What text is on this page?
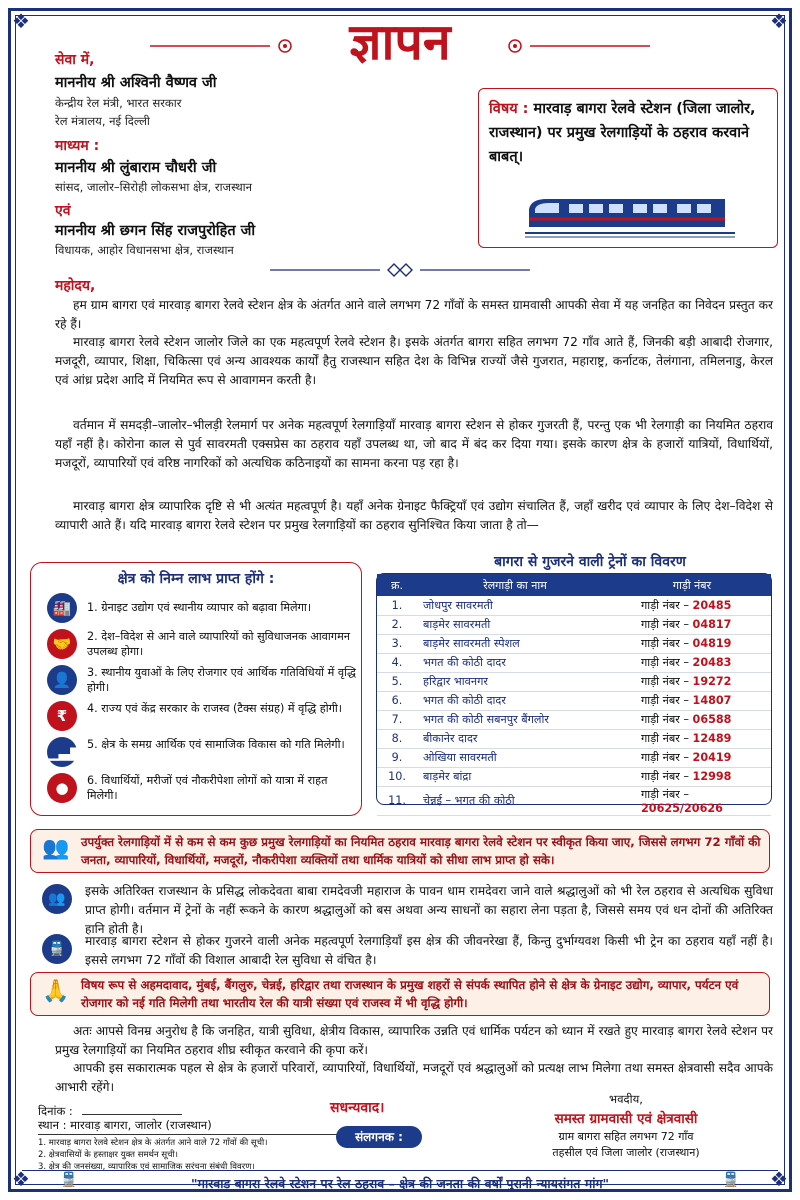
❖	❖
❖	❖
ज्ञापन
सेवा में,
माननीय श्री अश्विनी वैष्णव जी
केन्द्रीय रेल मंत्री, भारत सरकार
रेल मंत्रालय, नई दिल्ली
माध्यम :
माननीय श्री लुंबाराम चौधरी जी
सांसद, जालोर–सिरोही लोकसभा क्षेत्र, राजस्थान
एवं
माननीय श्री छगन सिंह राजपुरोहित जी
विधायक, आहोर विधानसभा क्षेत्र, राजस्थान
विषय : मारवाड़ बागरा रेलवे स्टेशन (जिला जालोर, राजस्थान) पर प्रमुख रेलगाड़ियों के ठहराव करवाने बाबत्।
महोदय,
हम ग्राम बागरा एवं मारवाड़ बागरा रेलवे स्टेशन क्षेत्र के अंतर्गत आने वाले लगभग 72 गाँवों के समस्त ग्रामवासी आपकी सेवा में यह जनहित का निवेदन प्रस्तुत कर रहे हैं।
मारवाड़ बागरा रेलवे स्टेशन जालोर जिले का एक महत्वपूर्ण रेलवे स्टेशन है। इसके अंतर्गत बागरा सहित लगभग 72 गाँव आते हैं, जिनकी बड़ी आबादी रोजगार, मजदूरी, व्यापार, शिक्षा, चिकित्सा एवं अन्य आवश्यक कार्यों हैतु राजस्थान सहित देश के विभिन्न राज्यों जैसे गुजरात, महाराष्ट्र, कर्नाटक, तेलंगाना, तमिलनाडु, केरल एवं आंध्र प्रदेश आदि में नियमित रूप से आवागमन करती है।
वर्तमान में समदड़ी–जालोर–भीलड़ी रेलमार्ग पर अनेक महत्वपूर्ण रेलगाड़ियाँ मारवाड़ बागरा स्टेशन से होकर गुजरती हैं, परन्तु एक भी रेलगाड़ी का नियमित ठहराव यहाँ नहीं है। कोरोना काल से पुर्व सावरमती एक्सप्रेस का ठहराव यहाँ उपलब्ध था, जो बाद में बंद कर दिया गया। इसके कारण क्षेत्र के हजारों यात्रियों, विधार्थियों, मजदूरों, व्यापारियों एवं वरिष्ठ नागरिकों को अत्यधिक कठिनाइयों का सामना करना पड़ रहा है।
मारवाड़ बागरा क्षेत्र व्यापारिक दृष्टि से भी अत्यंत महत्वपूर्ण है। यहाँ अनेक ग्रेनाइट फैक्ट्रियाँ एवं उद्योग संचालित हैं, जहाँ खरीद एवं व्यापार के लिए देश–विदेश से व्यापारी आते हैं। यदि मारवाड़ बागरा रेलवे स्टेशन पर प्रमुख रेलगाड़ियों का ठहराव सुनिश्चित किया जाता है तो—
क्षेत्र को निम्न लाभ प्राप्त होंगे :
🏭	1. ग्रेनाइट उद्योग एवं स्थानीय व्यापार को बढ़ावा मिलेगा।
🤝	2. देश–विदेश से आने वाले व्यापारियों को सुविधाजनक आवागमन उपलब्ध होगा।
👤	3. स्थानीय युवाओं के लिए रोजगार एवं आर्थिक गतिविधियों में वृद्धि होगी।
₹	4. राज्य एवं केंद्र सरकार के राजस्व (टैक्स संग्रह) में वृद्धि होगी।
▁▃▆ 5. क्षेत्र के समग्र आर्थिक एवं सामाजिक विकास को गति मिलेगी।
●	6. विधार्थियों, मरीजों एवं नौकरीपेशा लोगों को यात्रा में राहत मिलेगी।
बागरा से गुजरने वाली ट्रेनों का विवरण
क्र.	रेलगाड़ी का नाम	गाड़ी नंबर
1.	जोधपुर सावरमती	गाड़ी नंबर – 20485
2.	बाड़मेर सावरमती	गाड़ी नंबर – 04817
3.	बाड़मेर सावरमती स्पेशल	गाड़ी नंबर – 04819
4.	भगत की कोठी दादर	गाड़ी नंबर – 20483
5.	हरिद्वार भावनगर	गाड़ी नंबर – 19272
6.	भगत की कोठी दादर	गाड़ी नंबर – 14807
7.	भगत की कोठी सबनपुर बैंगलोर	गाड़ी नंबर – 06588
8.	बीकानेर दादर	गाड़ी नंबर – 12489
9.	ओखिया सावरमती	गाड़ी नंबर – 20419
10.	बाड़मेर बांद्रा	गाड़ी नंबर – 12998
11.	चेन्नई – भगत की कोठी	गाड़ी नंबर – 20625/20626
👥 उपर्युक्त रेलगाड़ियों में से कम से कम कुछ प्रमुख रेलगाड़ियों का नियमित ठहराव मारवाड़ बागरा रेलवे स्टेशन पर स्वीकृत किया जाए, जिससे लगभग 72 गाँवों की जनता, व्यापारियों, विधार्थियों, मजदूरों, नौकरीपेशा व्यक्तियों तथा धार्मिक यात्रियों को सीधा लाभ प्राप्त हो सके।
👥	इसके अतिरिक्त राजस्थान के प्रसिद्ध लोकदेवता बाबा रामदेवजी महाराज के पावन धाम रामदेवरा जाने वाले श्रद्धालुओं को भी रेल ठहराव से अत्यधिक सुविधा प्राप्त होगी। वर्तमान में ट्रेनों के नहीं रूकने के कारण श्रद्धालुओं को बस अथवा अन्य साधनों का सहारा लेना पड़ता है, जिससे समय एवं धन दोनों की अतिरिक्त हानि होती है।
🚆	मारवाड़ बागरा स्टेशन से होकर गुजरने वाली अनेक महत्वपूर्ण रेलगाड़ियाँ इस क्षेत्र की जीवनरेखा हैं, किन्तु दुर्भाग्यवश किसी भी ट्रेन का ठहराव यहाँ नहीं है। इससे लगभग 72 गाँवों की विशाल आबादी रेल सुविधा से वंचित है।
🙏 विषय रूप से अहमदावाद, मुंबई, बैंगलुरु, चेन्नई, हरिद्वार तथा राजस्थान के प्रमुख शहरों से संपर्क स्थापित होने से क्षेत्र के ग्रेनाइट उद्योग, व्यापार, पर्यटन एवं रोजगार को नई गति मिलेगी तथा भारतीय रेल की यात्री संख्या एवं राजस्व में भी वृद्धि होगी।
अतः आपसे विनम्र अनुरोध है कि जनहित, यात्री सुविधा, क्षेत्रीय विकास, व्यापारिक उन्नति एवं धार्मिक पर्यटन को ध्यान में रखते हुए मारवाड़ बागरा रेलवे स्टेशन पर प्रमुख रेलगाड़ियों का नियमित ठहराव शीघ्र स्वीकृत करवाने की कृपा करें।
आपकी इस सकारात्मक पहल से क्षेत्र के हजारों परिवारों, व्यापारियों, विधार्थियों, मजदूरों एवं श्रद्धालुओं को प्रत्यक्ष लाभ मिलेगा तथा समस्त क्षेत्रवासी सदैव आपके आभारी रहेंगे।
दिनांक :
स्थान : मारवाड़ बागरा, जालोर (राजस्थान)
1. मारवाड़ बागरा रेलवे स्टेशन क्षेत्र के अंतर्गत आने वाले 72 गाँवों की सूची।
2. क्षेत्रवासियों के हस्ताक्षर युक्त समर्थन सूची।
3. क्षेत्र की जनसंख्या, व्यापारिक एवं सामाजिक सरंचना संबंधी विवरण।
संलगनक :
सधन्यवाद।
भवदीय,
समस्त ग्रामवासी एवं क्षेत्रवासी
ग्राम बागरा सहित लगभग 72 गाँव
तहसील एवं जिला जालोर (राजस्थान)
"मारवाड़ बागरा रेलवे स्टेशन पर रेल ठहराव – क्षेत्र की जनता की वर्षों पुरानी न्यायसंगत मांग"
🚆	🚆
